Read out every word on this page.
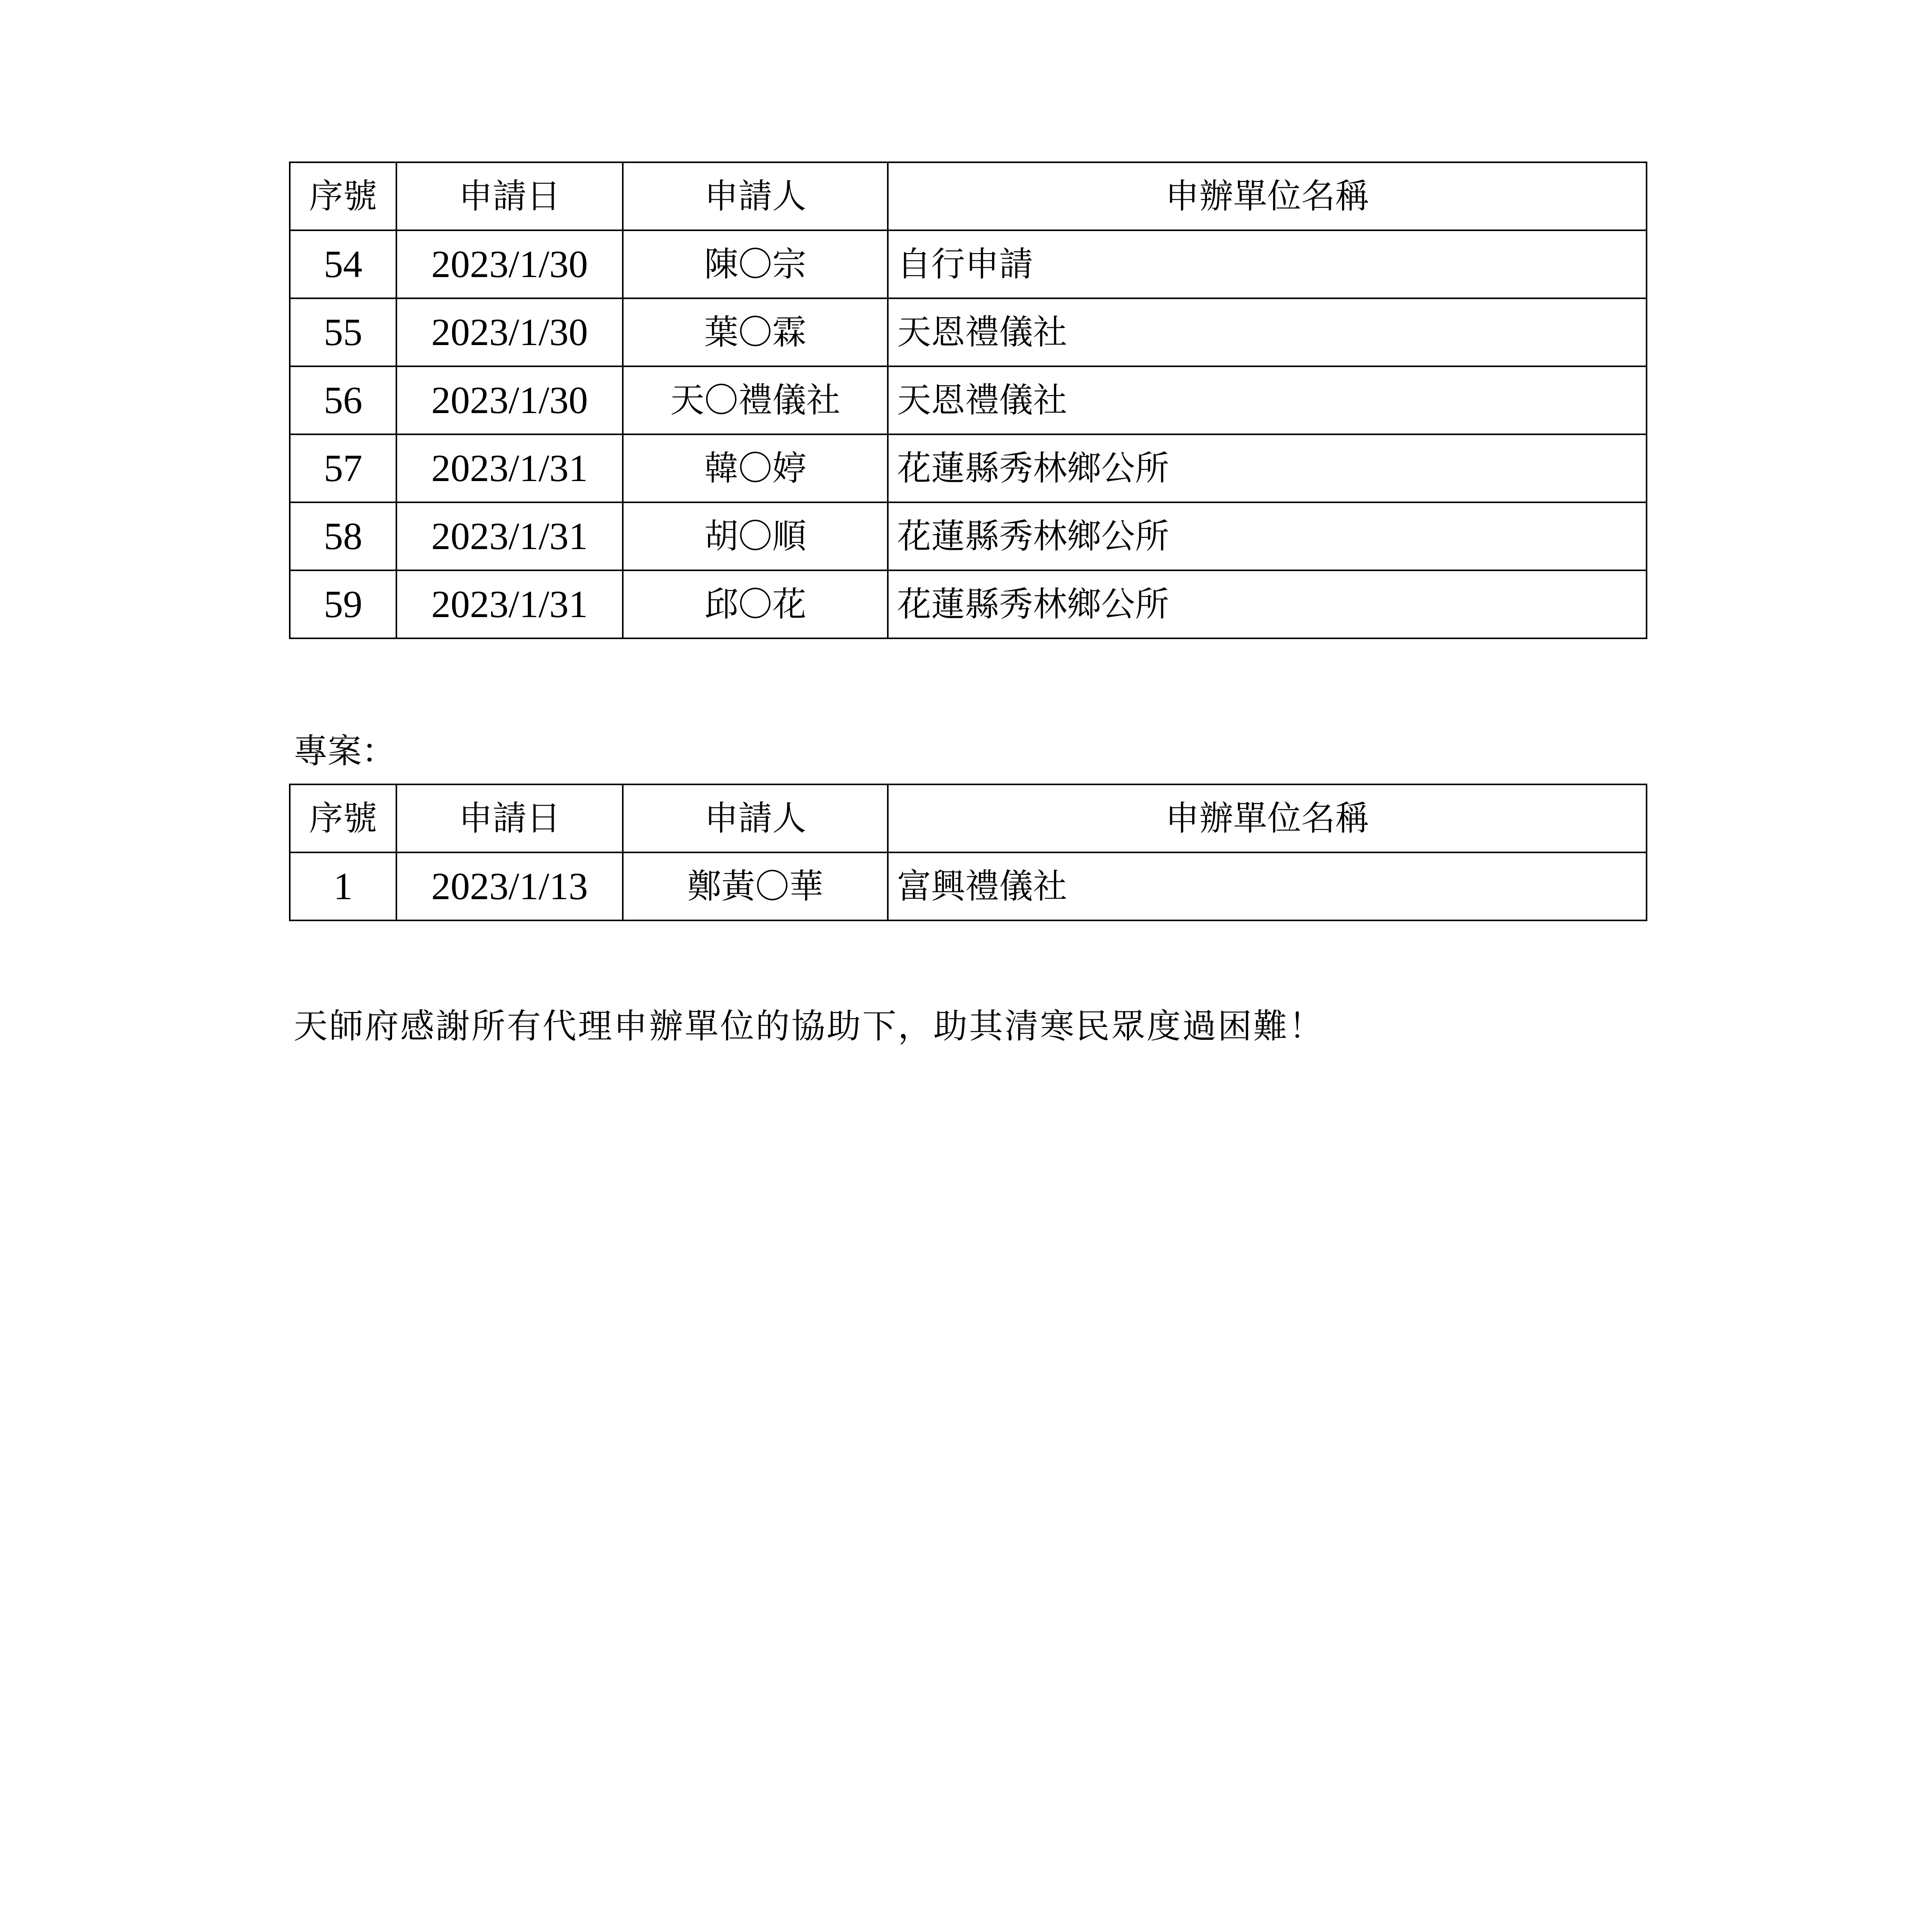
序號	申請日	申請人	申辦單位名稱
54	2023/1/30	陳〇宗	自行申請
55	2023/1/30	葉〇霖	天恩禮儀社
56	2023/1/30	天〇禮儀社	天恩禮儀社
57	2023/1/31	韓〇婷	花蓮縣秀林鄉公所
58	2023/1/31	胡〇順	花蓮縣秀林鄉公所
59	2023/1/31	邱〇花	花蓮縣秀林鄉公所
專案：
序號	申請日	申請人	申辦單位名稱
1	2023/1/13	鄭黃〇華	富興禮儀社
天師府感謝所有代理申辦單位的協助下，助其清寒民眾度過困難！
